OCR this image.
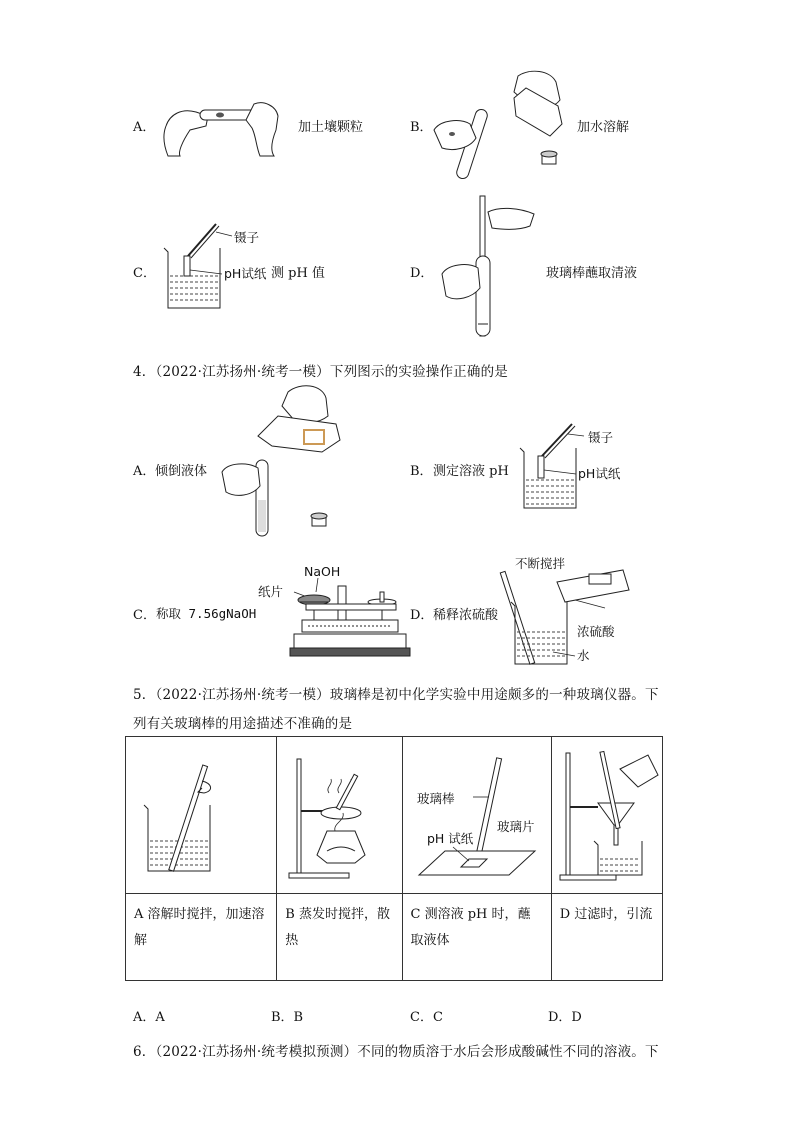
A．	加土壤颗粒	B．	加水溶解
C．
镊子
pH试纸 测 pH 值	D．	玻璃棒蘸取清液
4．（2022·江苏扬州·统考一模）下列图示的实验操作正确的是
A． 倾倒液体	B． 测定溶液 pH
镊子
pH试纸
C． 称取 7.56gNaOH
NaOH
纸片
D． 稀释浓硫酸
不断搅拌
浓硫酸
水
5．（2022·江苏扬州·统考一模）玻璃棒是初中化学实验中用途颇多的一种玻璃仪器。下
列有关玻璃棒的用途描述不准确的是

玻璃棒
pH 试纸
玻璃片

A 溶解时搅拌，加速溶解	B 蒸发时搅拌，散热	C 测溶液 pH 时，蘸取液体	D 过滤时，引流
A．A	B．B	C．C	D．D
6．（2022·江苏扬州·统考模拟预测）不同的物质溶于水后会形成酸碱性不同的溶液。下
